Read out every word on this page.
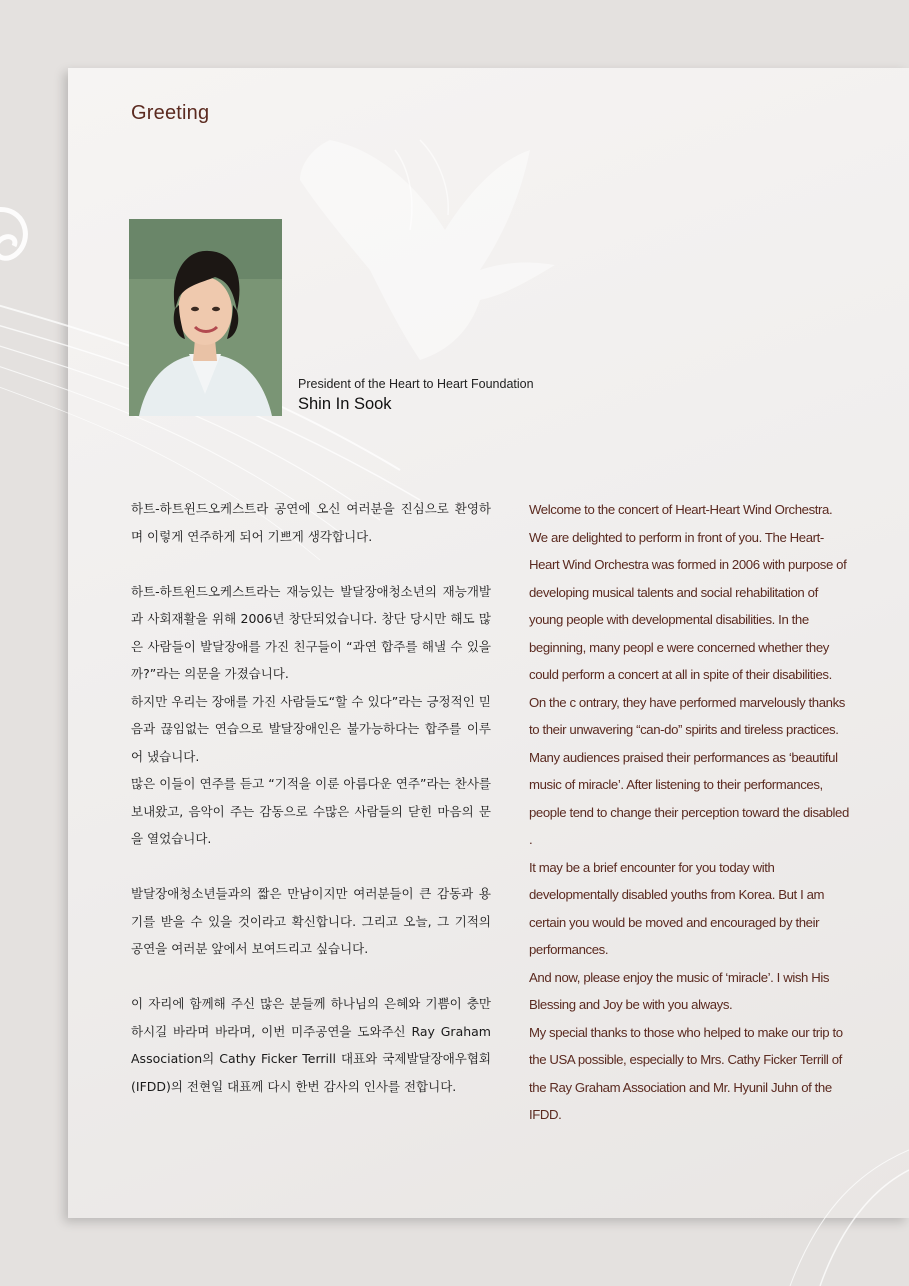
Greeting
President of the Heart to Heart Foundation
Shin In Sook

하트-하트윈드오케스트라 공연에 오신 여러분을 진심으로 환영하며 이렇게 연주하게 되어 기쁘게 생각합니다.

하트-하트윈드오케스트라는 재능있는 발달장애청소년의 재능개발과 사회재활을 위해 2006년 창단되었습니다. 창단 당시만 해도 많은 사람들이 발달장애를 가진 친구들이 “과연 합주를 해낼 수 있을까?”라는 의문을 가졌습니다.

하지만 우리는 장애를 가진 사람들도“할 수 있다”라는 긍정적인 믿음과 끊임없는 연습으로 발달장애인은 불가능하다는 합주를 이루어 냈습니다.

많은 이들이 연주를 듣고 “기적을 이룬 아름다운 연주”라는 찬사를 보내왔고, 음악이 주는 감동으로 수많은 사람들의 닫힌 마음의 문을 열었습니다.

발달장애청소년들과의 짧은 만남이지만 여러분들이 큰 감동과 용기를 받을 수 있을 것이라고 확신합니다. 그리고 오늘, 그 기적의 공연을 여러분 앞에서 보여드리고 싶습니다.

이 자리에 함께해 주신 많은 분들께 하나님의 은혜와 기쁨이 충만하시길 바라며 바라며, 이번 미주공연을 도와주신 Ray Graham Association의 Cathy Ficker Terrill 대표와 국제발달장애우협회(IFDD)의 전현일 대표께 다시 한번 감사의 인사를 전합니다.

Welcome to the concert of Heart-Heart Wind Orchestra. We are delighted to perform in front of you. The Heart-Heart Wind Orchestra was formed in 2006 with purpose of developing musical talents and social rehabilitation of young people with developmental disabilities. In the beginning, many peopl e were concerned whether they could perform a concert at all in spite of their disabilities. On the c ontrary, they have performed marvelously thanks to their unwavering “can-do” spirits and tireless practices. Many audiences praised their performances as ‘beautiful music of miracle’. After listening to their performances, people tend to change their perception toward the disabled .

It may be a brief encounter for you today with developmentally disabled youths from Korea. But I am certain you would be moved and encouraged by their performances.

And now, please enjoy the music of ‘miracle’. I wish His Blessing and Joy be with you always.

My special thanks to those who helped to make our trip to the USA possible, especially to Mrs. Cathy Ficker Terrill of the Ray Graham Association and Mr. Hyunil Juhn of the IFDD.
